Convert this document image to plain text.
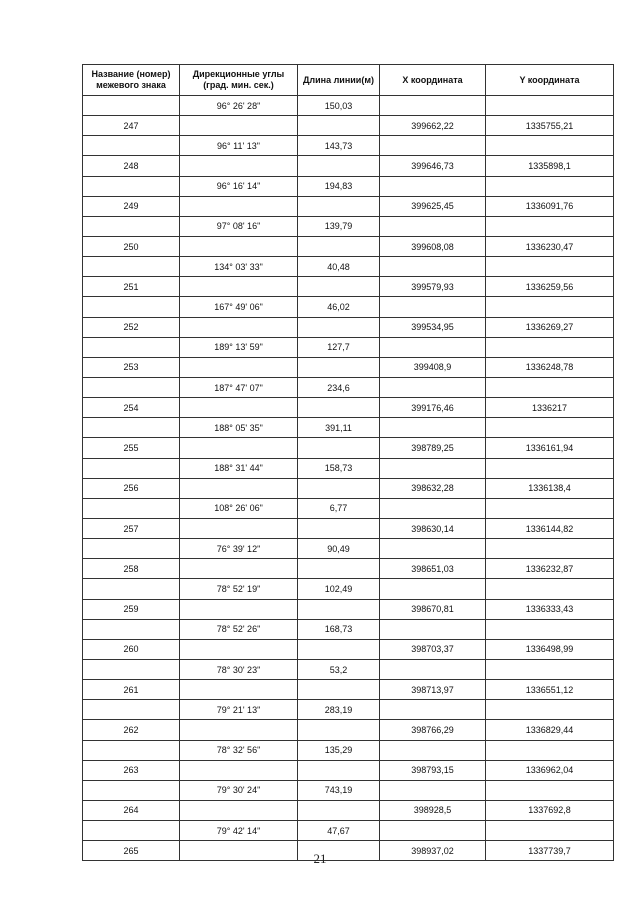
Название (номер) межевого знака	Дирекционные углы (град. мин. сек.)	Длина линии(м)	X координата	Y координата
	96° 26' 28"	150,03		
247			399662,22	1335755,21
	96° 11' 13"	143,73		
248			399646,73	1335898,1
	96° 16' 14"	194,83		
249			399625,45	1336091,76
	97° 08' 16"	139,79		
250			399608,08	1336230,47
	134° 03' 33"	40,48		
251			399579,93	1336259,56
	167° 49' 06"	46,02		
252			399534,95	1336269,27
	189° 13' 59"	127,7		
253			399408,9	1336248,78
	187° 47' 07"	234,6		
254			399176,46	1336217
	188° 05' 35"	391,11		
255			398789,25	1336161,94
	188° 31' 44"	158,73		
256			398632,28	1336138,4
	108° 26' 06"	6,77		
257			398630,14	1336144,82
	76° 39' 12"	90,49		
258			398651,03	1336232,87
	78° 52' 19"	102,49		
259			398670,81	1336333,43
	78° 52' 26"	168,73		
260			398703,37	1336498,99
	78° 30' 23"	53,2		
261			398713,97	1336551,12
	79° 21' 13"	283,19		
262			398766,29	1336829,44
	78° 32' 56"	135,29		
263			398793,15	1336962,04
	79° 30' 24"	743,19		
264			398928,5	1337692,8
	79° 42' 14"	47,67		
265			398937,02	1337739,7
21
